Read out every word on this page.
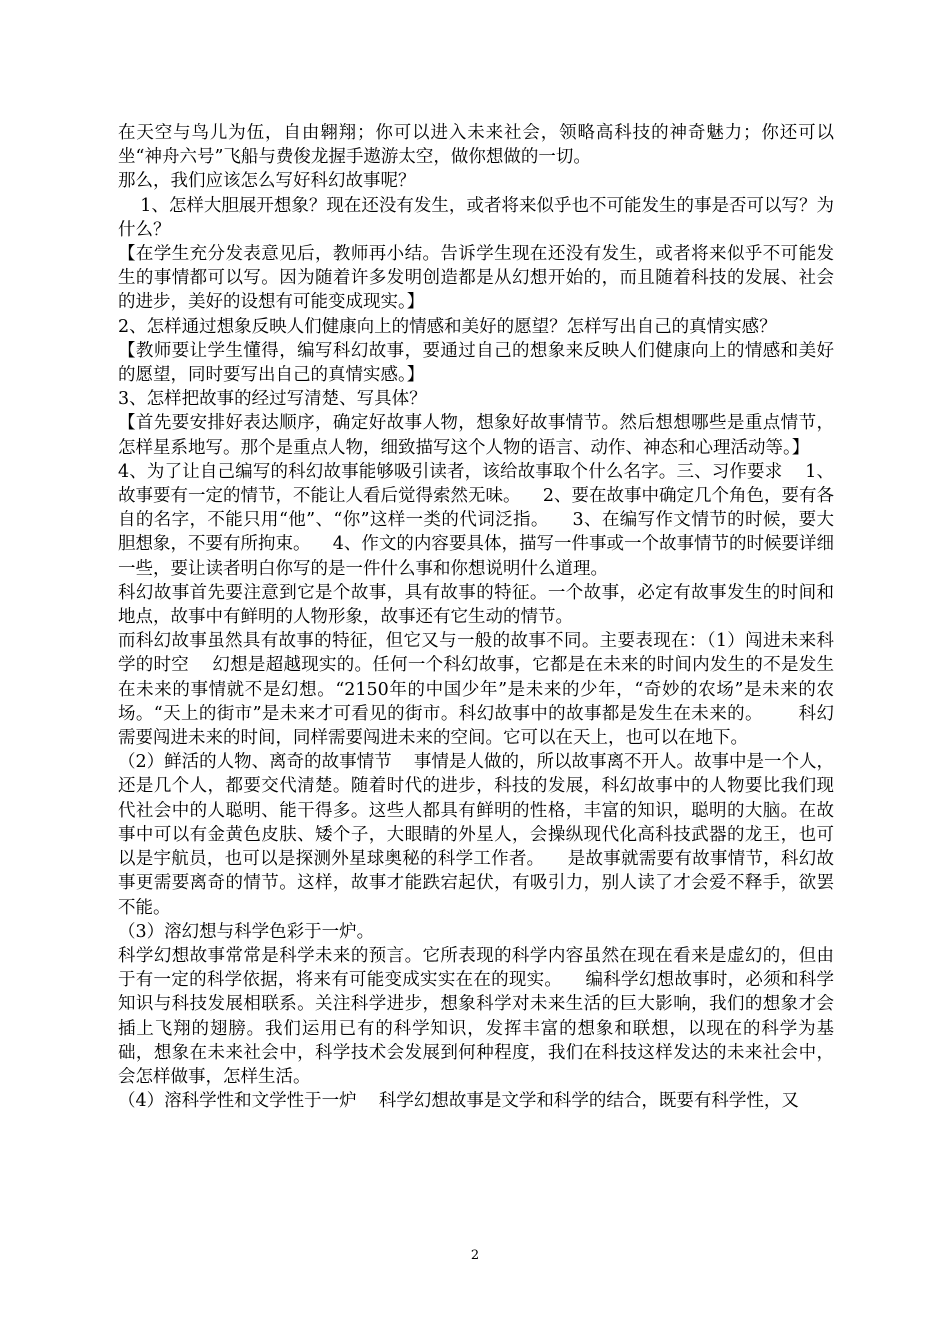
在天空与鸟儿为伍，自由翱翔；你可以进入未来社会，领略高科技的神奇魅力；你还可以坐“神舟六号”飞船与费俊龙握手遨游太空，做你想做的一切。

那么，我们应该怎么写好科幻故事呢？

1、怎样大胆展开想象？现在还没有发生，或者将来似乎也不可能发生的事是否可以写？为什么？

【在学生充分发表意见后，教师再小结。告诉学生现在还没有发生，或者将来似乎不可能发生的事情都可以写。因为随着许多发明创造都是从幻想开始的，而且随着科技的发展、社会的进步，美好的设想有可能变成现实。】

2、怎样通过想象反映人们健康向上的情感和美好的愿望？怎样写出自己的真情实感？

【教师要让学生懂得，编写科幻故事，要通过自己的想象来反映人们健康向上的情感和美好的愿望，同时要写出自己的真情实感。】

3、怎样把故事的经过写清楚、写具体？

【首先要安排好表达顺序，确定好故事人物，想象好故事情节。然后想想哪些是重点情节，怎样星系地写。那个是重点人物，细致描写这个人物的语言、动作、神态和心理活动等。】

4、为了让自己编写的科幻故事能够吸引读者，该给故事取个什么名字。三、习作要求    1、故事要有一定的情节，不能让人看后觉得索然无味。    2、要在故事中确定几个角色，要有各自的名字，不能只用“他”、“你”这样一类的代词泛指。    3、在编写作文情节的时候，要大胆想象，不要有所拘束。    4、作文的内容要具体，描写一件事或一个故事情节的时候要详细一些，要让读者明白你写的是一件什么事和你想说明什么道理。

科幻故事首先要注意到它是个故事，具有故事的特征。一个故事，必定有故事发生的时间和地点，故事中有鲜明的人物形象，故事还有它生动的情节。

而科幻故事虽然具有故事的特征，但它又与一般的故事不同。主要表现在：（1）闯进未来科学的时空    幻想是超越现实的。任何一个科幻故事，它都是在未来的时间内发生的不是发生在未来的事情就不是幻想。“2150年的中国少年”是未来的少年，“奇妙的农场”是未来的农场。“天上的街市”是未来才可看见的街市。科幻故事中的故事都是发生在未来的。      科幻需要闯进未来的时间，同样需要闯进未来的空间。它可以在天上，也可以在地下。

（2）鲜活的人物、离奇的故事情节    事情是人做的，所以故事离不开人。故事中是一个人，还是几个人，都要交代清楚。随着时代的进步，科技的发展，科幻故事中的人物要比我们现代社会中的人聪明、能干得多。这些人都具有鲜明的性格，丰富的知识，聪明的大脑。在故事中可以有金黄色皮肤、矮个子，大眼睛的外星人，会操纵现代化高科技武器的龙王，也可以是宇航员，也可以是探测外星球奥秘的科学工作者。    是故事就需要有故事情节，科幻故事更需要离奇的情节。这样，故事才能跌宕起伏，有吸引力，别人读了才会爱不释手，欲罢不能。

（3）溶幻想与科学色彩于一炉。

科学幻想故事常常是科学未来的预言。它所表现的科学内容虽然在现在看来是虚幻的，但由于有一定的科学依据，将来有可能变成实实在在的现实。    编科学幻想故事时，必须和科学知识与科技发展相联系。关注科学进步，想象科学对未来生活的巨大影响，我们的想象才会插上飞翔的翅膀。我们运用已有的科学知识，发挥丰富的想象和联想，以现在的科学为基础，想象在未来社会中，科学技术会发展到何种程度，我们在科技这样发达的未来社会中，会怎样做事，怎样生活。

（4）溶科学性和文学性于一炉    科学幻想故事是文学和科学的结合，既要有科学性，又

2
